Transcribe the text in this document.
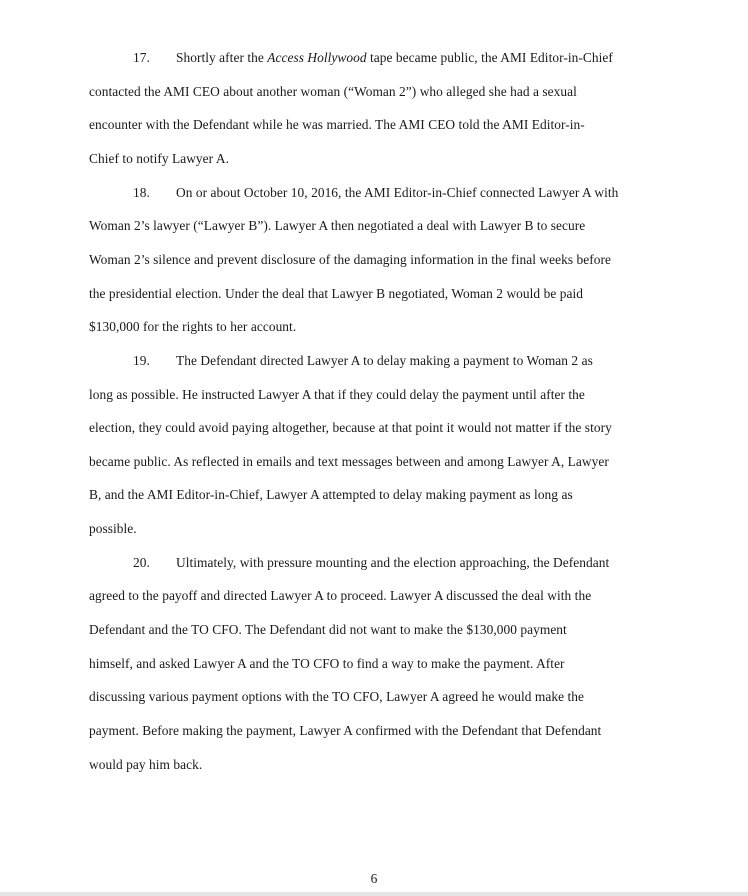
17. Shortly after the Access Hollywood tape became public, the AMI Editor-in-Chief
contacted the AMI CEO about another woman (“Woman 2”) who alleged she had a sexual
encounter with the Defendant while he was married. The AMI CEO told the AMI Editor-in-
Chief to notify Lawyer A.
18. On or about October 10, 2016, the AMI Editor-in-Chief connected Lawyer A with
Woman 2’s lawyer (“Lawyer B”). Lawyer A then negotiated a deal with Lawyer B to secure
Woman 2’s silence and prevent disclosure of the damaging information in the final weeks before
the presidential election. Under the deal that Lawyer B negotiated, Woman 2 would be paid
$130,000 for the rights to her account.
19. The Defendant directed Lawyer A to delay making a payment to Woman 2 as
long as possible. He instructed Lawyer A that if they could delay the payment until after the
election, they could avoid paying altogether, because at that point it would not matter if the story
became public. As reflected in emails and text messages between and among Lawyer A, Lawyer
B, and the AMI Editor-in-Chief, Lawyer A attempted to delay making payment as long as
possible.
20. Ultimately, with pressure mounting and the election approaching, the Defendant
agreed to the payoff and directed Lawyer A to proceed. Lawyer A discussed the deal with the
Defendant and the TO CFO. The Defendant did not want to make the $130,000 payment
himself, and asked Lawyer A and the TO CFO to find a way to make the payment. After
discussing various payment options with the TO CFO, Lawyer A agreed he would make the
payment. Before making the payment, Lawyer A confirmed with the Defendant that Defendant
would pay him back.
6
